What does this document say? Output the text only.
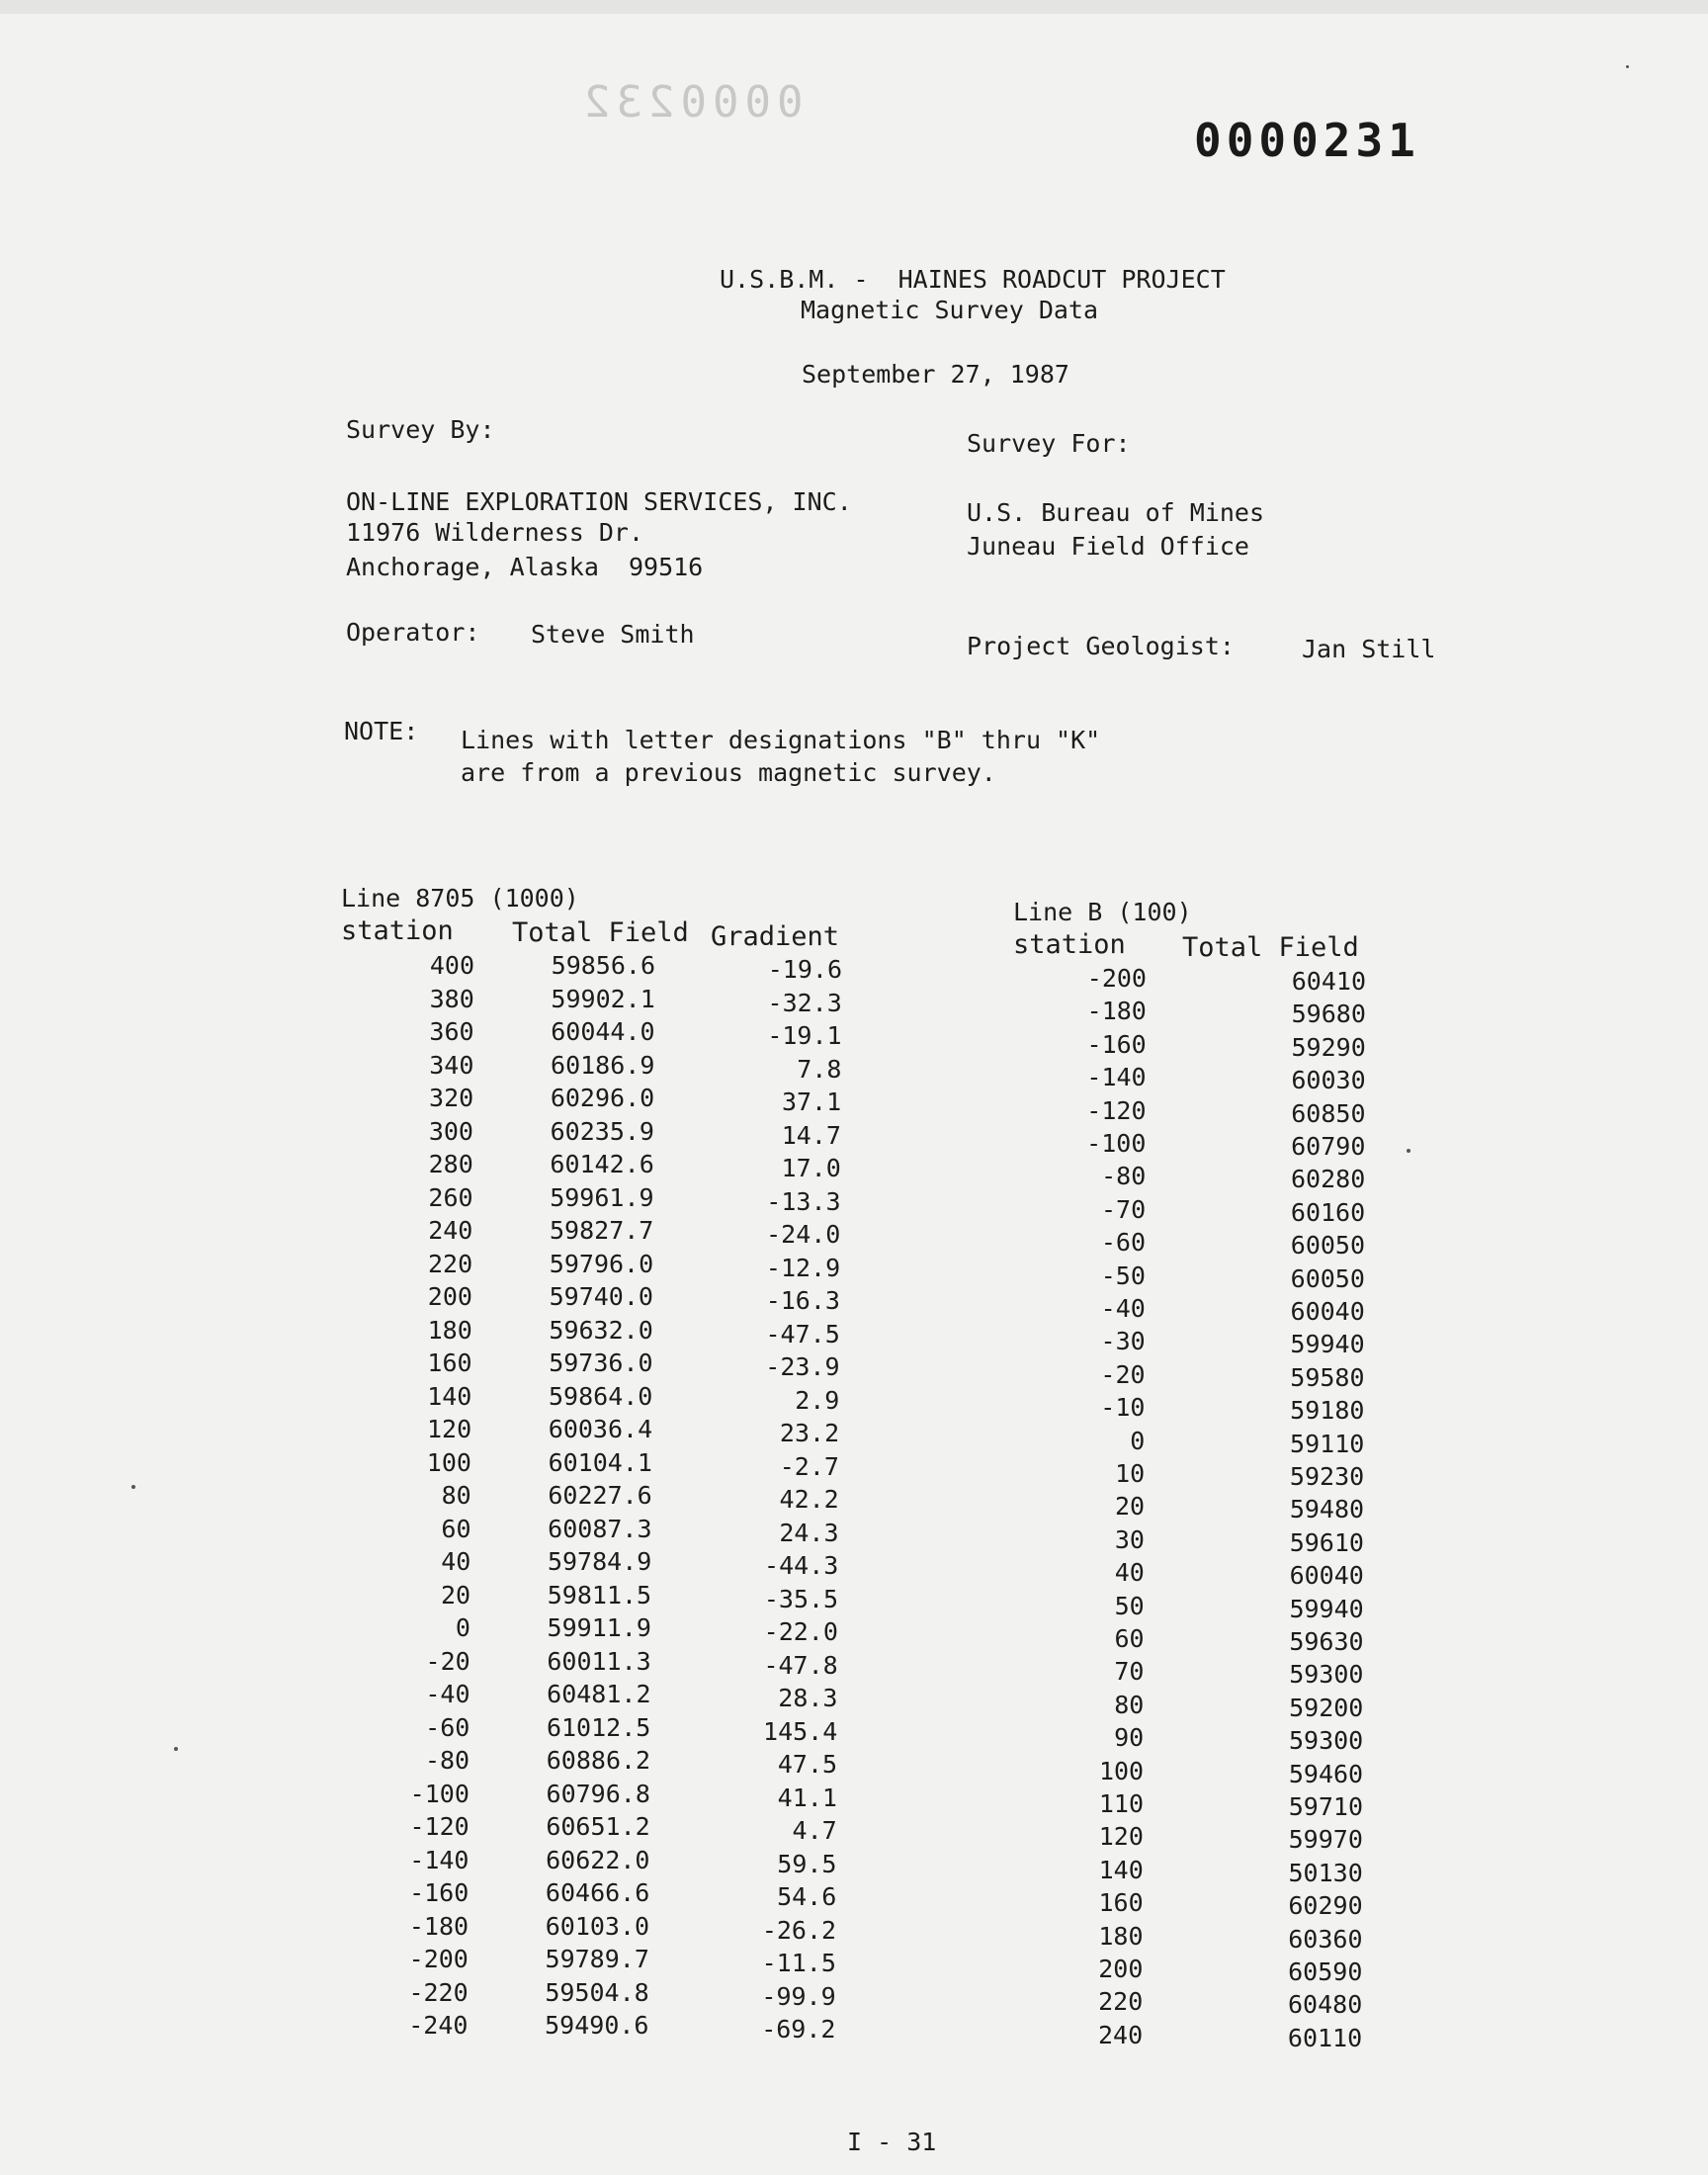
0000232
0000231
U.S.B.M. -  HAINES ROADCUT PROJECT
Magnetic Survey Data
September 27, 1987
Survey By:	Survey For:
ON-LINE EXPLORATION SERVICES, INC.
11976 Wilderness Dr.
Anchorage, Alaska  99516
U.S. Bureau of Mines
Juneau Field Office
Operator: Steve Smith	Project Geologist:	Jan Still
NOTE: Lines with letter designations "B" thru "K"
are from a previous magnetic survey.
Line 8705 (1000)
station Total Field Gradient
Line B (100)
station Total Field
400	59856.6	-19.6
380	59902.1	-32.3
360	60044.0	-19.1
340	60186.9	7.8
320	60296.0	37.1
300	60235.9	14.7
280	60142.6	17.0
260	59961.9	-13.3
240	59827.7	-24.0
220	59796.0	-12.9
200	59740.0	-16.3
180	59632.0	-47.5
160	59736.0	-23.9
140	59864.0	2.9
120	60036.4	23.2
100	60104.1	-2.7
80	60227.6	42.2
60	60087.3	24.3
40	59784.9	-44.3
20	59811.5	-35.5
0	59911.9	-22.0
-20	60011.3	-47.8
-40	60481.2	28.3
-60	61012.5	145.4
-80	60886.2	47.5
-100	60796.8	41.1
-120	60651.2	4.7
-140	60622.0	59.5
-160	60466.6	54.6
-180	60103.0	-26.2
-200	59789.7	-11.5
-220	59504.8	-99.9
-240	59490.6	-69.2
-200	60410
-180	59680
-160	59290
-140	60030
-120	60850
-100	60790
-80	60280
-70	60160
-60	60050
-50	60050
-40	60040
-30	59940
-20	59580
-10	59180
0	59110
10	59230
20	59480
30	59610
40	60040
50	59940
60	59630
70	59300
80	59200
90	59300
100	59460
110	59710
120	59970
140	50130
160	60290
180	60360
200	60590
220	60480
240	60110
I - 31
